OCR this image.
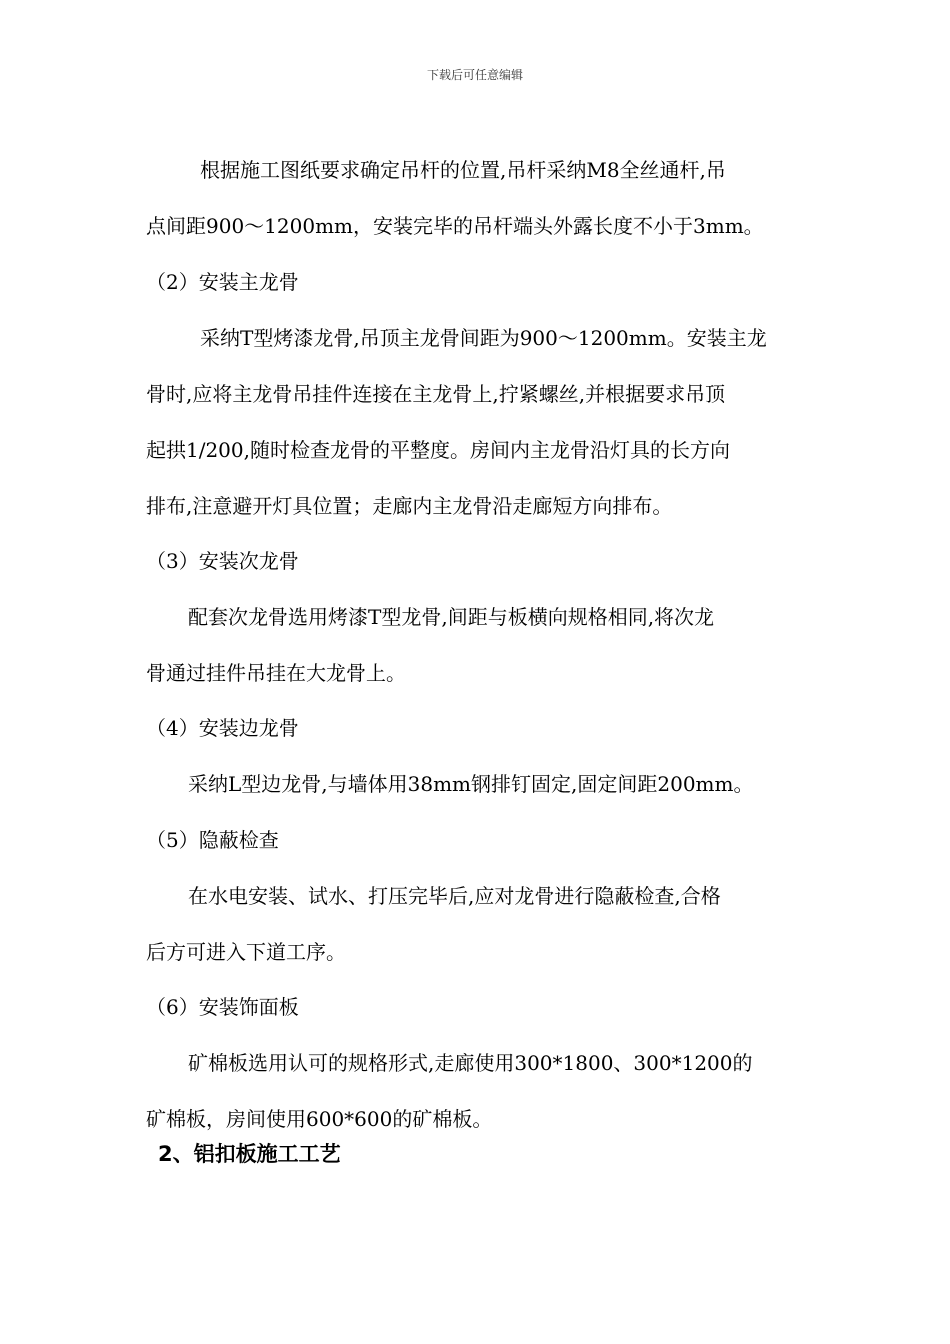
下载后可任意编辑
根据施工图纸要求确定吊杆的位置,吊杆采纳M8全丝通杆,吊
点间距900～1200mm，安装完毕的吊杆端头外露长度不小于3mm。
（2）安装主龙骨
采纳T型烤漆龙骨,吊顶主龙骨间距为900～1200mm。安装主龙
骨时,应将主龙骨吊挂件连接在主龙骨上,拧紧螺丝,并根据要求吊顶
起拱1/200,随时检查龙骨的平整度。房间内主龙骨沿灯具的长方向
排布,注意避开灯具位置；走廊内主龙骨沿走廊短方向排布。
（3）安装次龙骨
配套次龙骨选用烤漆T型龙骨,间距与板横向规格相同,将次龙
骨通过挂件吊挂在大龙骨上。
（4）安装边龙骨
采纳L型边龙骨,与墙体用38mm钢排钉固定,固定间距200mm。
（5）隐蔽检查
在水电安装、试水、打压完毕后,应对龙骨进行隐蔽检查,合格
后方可进入下道工序。
（6）安装饰面板
矿棉板选用认可的规格形式,走廊使用300*1800、300*1200的
矿棉板，房间使用600*600的矿棉板。
2、铝扣板施工工艺
